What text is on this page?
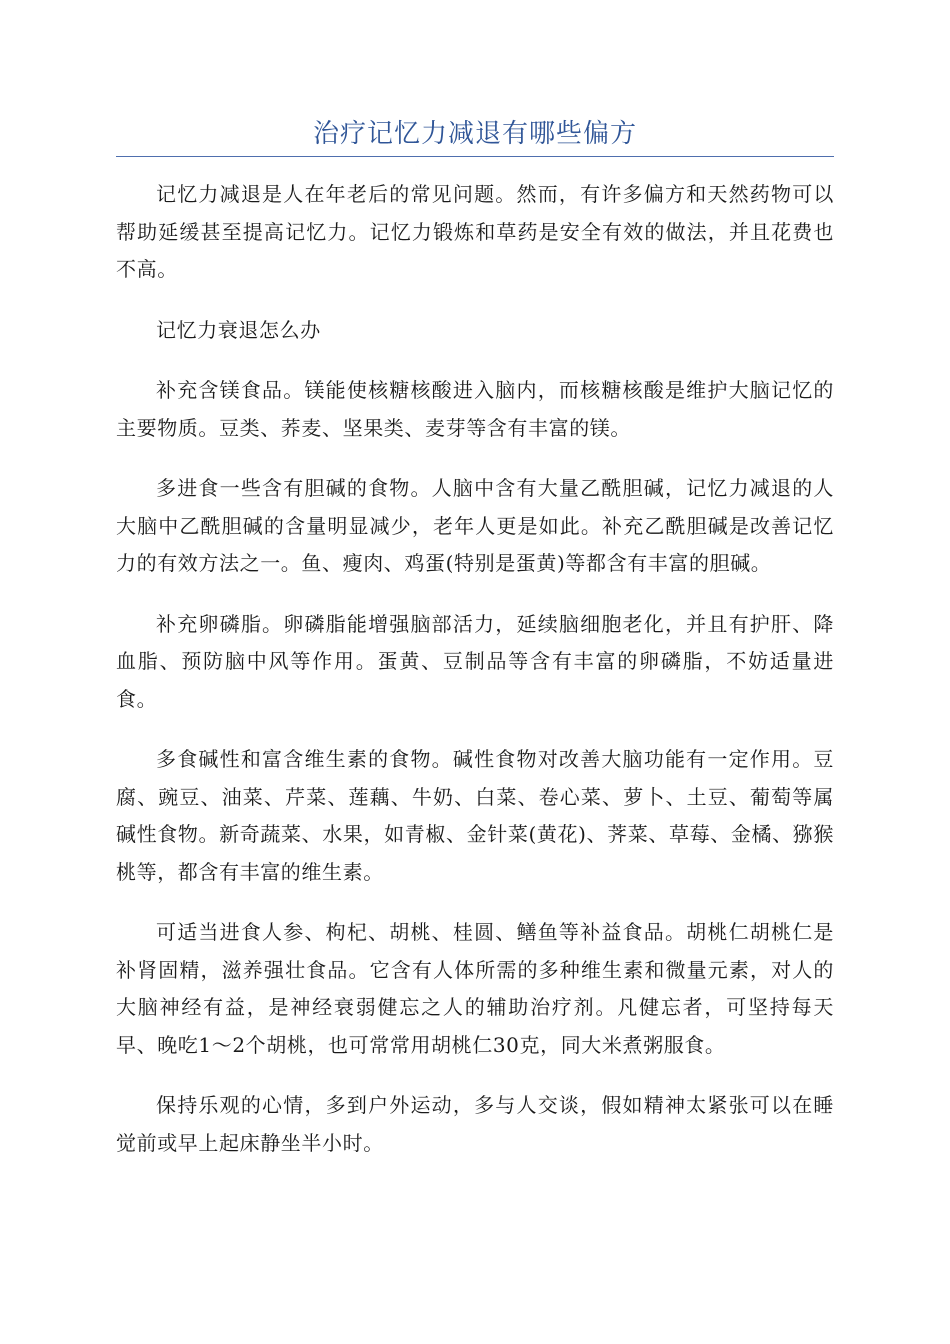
治疗记忆力减退有哪些偏方

记忆力减退是人在年老后的常见问题。然而，有许多偏方和天然药物可以帮助延缓甚至提高记忆力。记忆力锻炼和草药是安全有效的做法，并且花费也不高。

记忆力衰退怎么办

补充含镁食品。镁能使核糖核酸进入脑内，而核糖核酸是维护大脑记忆的主要物质。豆类、荞麦、坚果类、麦芽等含有丰富的镁。

多进食一些含有胆碱的食物。人脑中含有大量乙酰胆碱，记忆力减退的人大脑中乙酰胆碱的含量明显减少，老年人更是如此。补充乙酰胆碱是改善记忆力的有效方法之一。鱼、瘦肉、鸡蛋(特别是蛋黄)等都含有丰富的胆碱。

补充卵磷脂。卵磷脂能增强脑部活力，延续脑细胞老化，并且有护肝、降血脂、预防脑中风等作用。蛋黄、豆制品等含有丰富的卵磷脂，不妨适量进食。

多食碱性和富含维生素的食物。碱性食物对改善大脑功能有一定作用。豆腐、豌豆、油菜、芹菜、莲藕、牛奶、白菜、卷心菜、萝卜、土豆、葡萄等属碱性食物。新奇蔬菜、水果，如青椒、金针菜(黄花)、荠菜、草莓、金橘、猕猴桃等，都含有丰富的维生素。

可适当进食人参、枸杞、胡桃、桂圆、鳝鱼等补益食品。胡桃仁胡桃仁是补肾固精，滋养强壮食品。它含有人体所需的多种维生素和微量元素，对人的大脑神经有益，是神经衰弱健忘之人的辅助治疗剂。凡健忘者，可坚持每天早、晚吃1～2个胡桃，也可常常用胡桃仁30克，同大米煮粥服食。

保持乐观的心情，多到户外运动，多与人交谈，假如精神太紧张可以在睡觉前或早上起床静坐半小时。
